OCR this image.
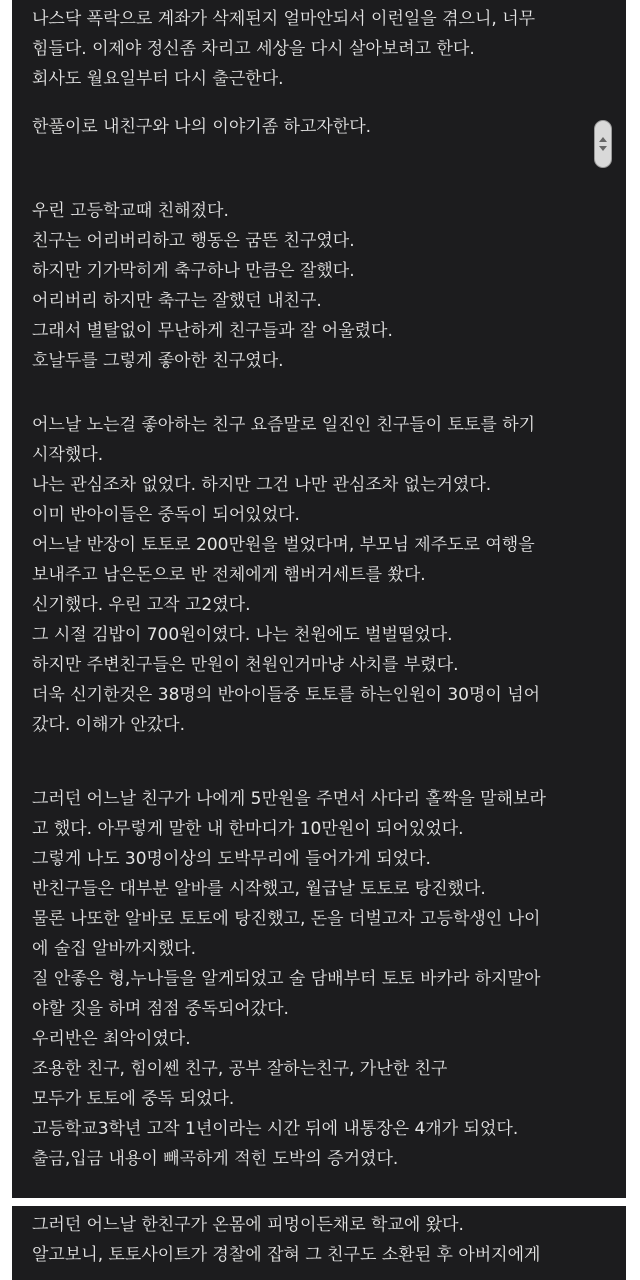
나스닥 폭락으로 계좌가 삭제된지 얼마안되서 이런일을 겪으니, 너무
힘들다. 이제야 정신좀 차리고 세상을 다시 살아보려고 한다.
회사도 월요일부터 다시 출근한다.
한풀이로 내친구와 나의 이야기좀 하고자한다.
우린 고등학교때 친해졌다.
친구는 어리버리하고 행동은 굼뜬 친구였다.
하지만 기가막히게 축구하나 만큼은 잘했다.
어리버리 하지만 축구는 잘했던 내친구.
그래서 별탈없이 무난하게 친구들과 잘 어울렸다.
호날두를 그렇게 좋아한 친구였다.
어느날 노는걸 좋아하는 친구 요즘말로 일진인 친구들이 토토를 하기
시작했다.
나는 관심조차 없었다. 하지만 그건 나만 관심조차 없는거였다.
이미 반아이들은 중독이 되어있었다.
어느날 반장이 토토로 200만원을 벌었다며, 부모님 제주도로 여행을
보내주고 남은돈으로 반 전체에게 햄버거세트를 쐈다.
신기했다. 우린 고작 고2였다.
그 시절 김밥이 700원이였다. 나는 천원에도 벌벌떨었다.
하지만 주변친구들은 만원이 천원인거마냥 사치를 부렸다.
더욱 신기한것은 38명의 반아이들중 토토를 하는인원이 30명이 넘어
갔다. 이해가 안갔다.
그러던 어느날 친구가 나에게 5만원을 주면서 사다리 홀짝을 말해보라
고 했다. 아무렇게 말한 내 한마디가 10만원이 되어있었다.
그렇게 나도 30명이상의 도박무리에 들어가게 되었다.
반친구들은 대부분 알바를 시작했고, 월급날 토토로 탕진했다.
물론 나또한 알바로 토토에 탕진했고, 돈을 더벌고자 고등학생인 나이
에 술집 알바까지했다.
질 안좋은 형,누나들을 알게되었고 술 담배부터 토토 바카라 하지말아
야할 짓을 하며 점점 중독되어갔다.
우리반은 최악이였다.
조용한 친구, 힘이쎈 친구, 공부 잘하는친구, 가난한 친구
모두가 토토에 중독 되었다.
고등학교3학년 고작 1년이라는 시간 뒤에 내통장은 4개가 되었다.
출금,입금 내용이 빼곡하게 적힌 도박의 증거였다.
그러던 어느날 한친구가 온몸에 피멍이든채로 학교에 왔다.
알고보니, 토토사이트가 경찰에 잡혀 그 친구도 소환된 후 아버지에게
